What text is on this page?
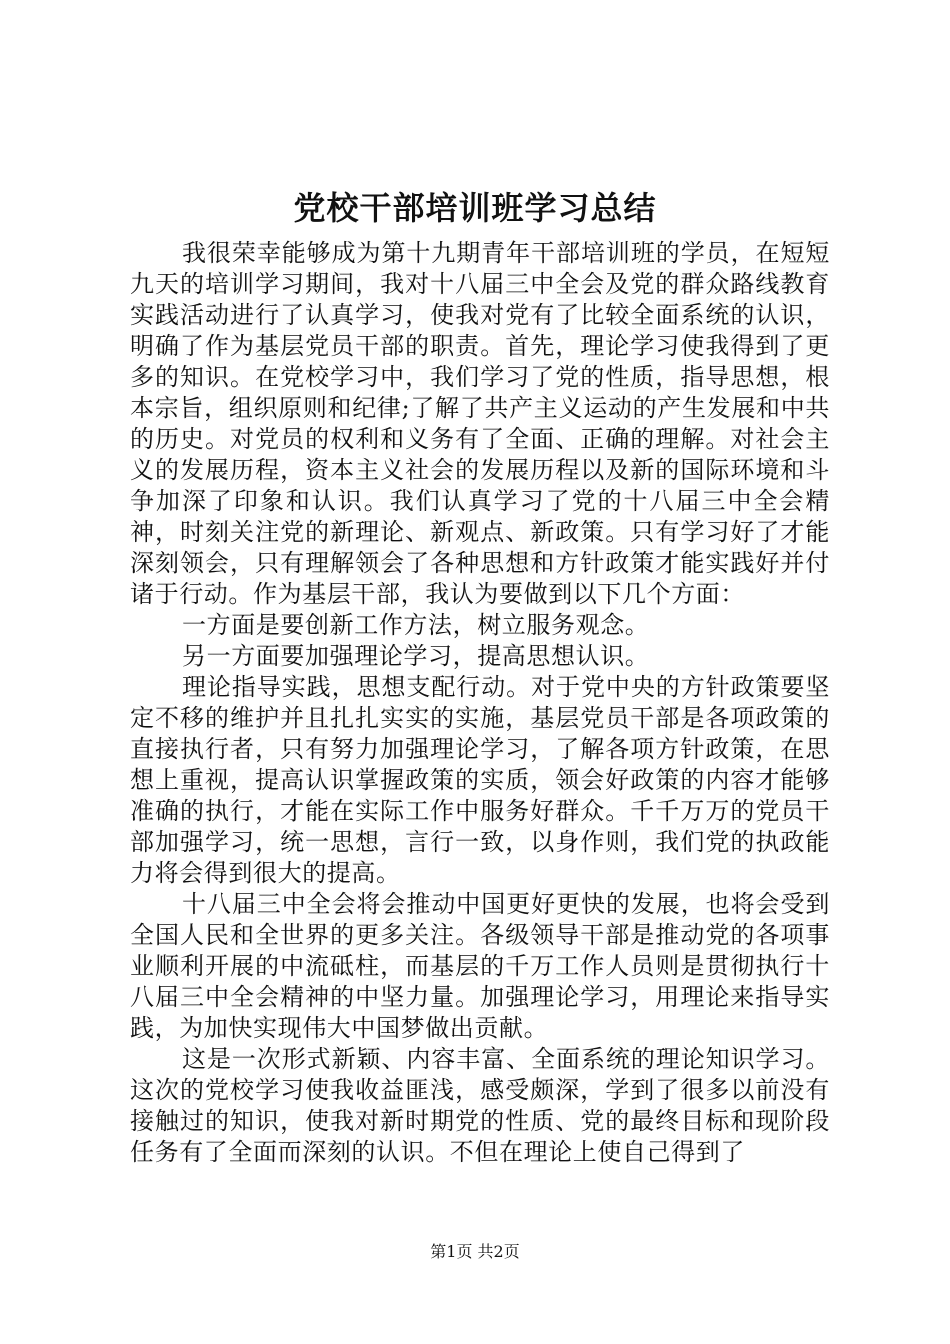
党校干部培训班学习总结

我很荣幸能够成为第十九期青年干部培训班的学员，在短短九天的培训学习期间，我对十八届三中全会及党的群众路线教育实践活动进行了认真学习，使我对党有了比较全面系统的认识，明确了作为基层党员干部的职责。首先，理论学习使我得到了更多的知识。在党校学习中，我们学习了党的性质，指导思想，根本宗旨，组织原则和纪律;了解了共产主义运动的产生发展和中共的历史。对党员的权利和义务有了全面、正确的理解。对社会主义的发展历程，资本主义社会的发展历程以及新的国际环境和斗争加深了印象和认识。我们认真学习了党的十八届三中全会精神，时刻关注党的新理论、新观点、新政策。只有学习好了才能深刻领会，只有理解领会了各种思想和方针政策才能实践好并付诸于行动。作为基层干部，我认为要做到以下几个方面：

一方面是要创新工作方法，树立服务观念。

另一方面要加强理论学习，提高思想认识。

理论指导实践，思想支配行动。对于党中央的方针政策要坚定不移的维护并且扎扎实实的实施，基层党员干部是各项政策的直接执行者，只有努力加强理论学习，了解各项方针政策，在思想上重视，提高认识掌握政策的实质，领会好政策的内容才能够准确的执行，才能在实际工作中服务好群众。千千万万的党员干部加强学习，统一思想，言行一致，以身作则，我们党的执政能力将会得到很大的提高。

十八届三中全会将会推动中国更好更快的发展，也将会受到全国人民和全世界的更多关注。各级领导干部是推动党的各项事业顺利开展的中流砥柱，而基层的千万工作人员则是贯彻执行十八届三中全会精神的中坚力量。加强理论学习，用理论来指导实践，为加快实现伟大中国梦做出贡献。

这是一次形式新颖、内容丰富、全面系统的理论知识学习。这次的党校学习使我收益匪浅，感受颇深，学到了很多以前没有接触过的知识，使我对新时期党的性质、党的最终目标和现阶段任务有了全面而深刻的认识。不但在理论上使自己得到了

第1页 共2页
